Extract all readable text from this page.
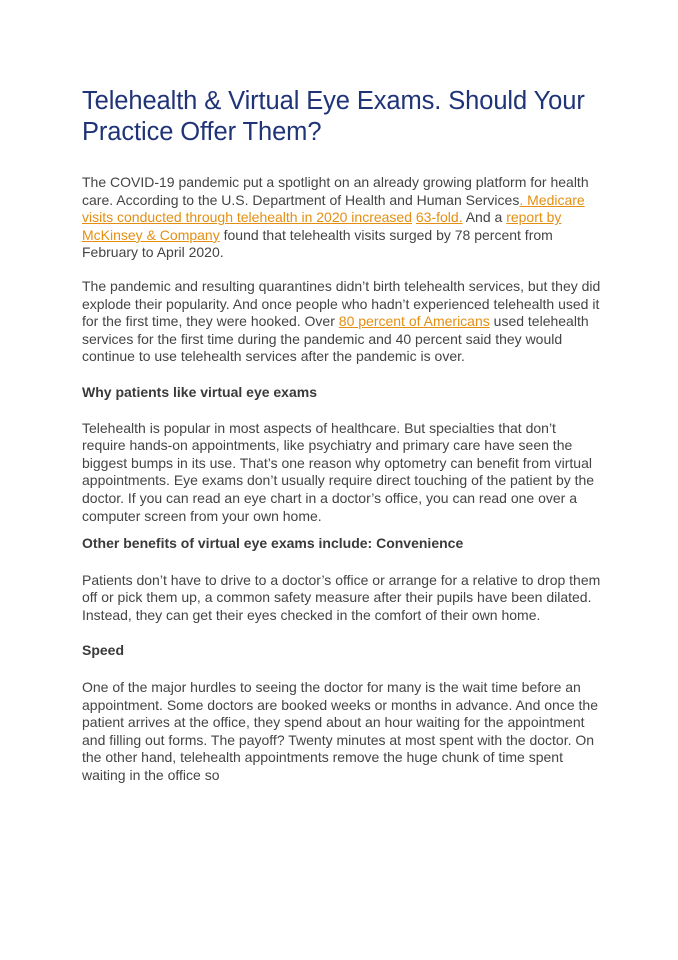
Telehealth & Virtual Eye Exams. Should Your Practice Offer Them?

The COVID-19 pandemic put a spotlight on an already growing platform for health care. According to the U.S. Department of Health and Human Services. Medicare visits conducted through telehealth in 2020 increased 63-fold. And a report by McKinsey & Company found that telehealth visits surged by 78 percent from February to April 2020.

The pandemic and resulting quarantines didn’t birth telehealth services, but they did explode their popularity. And once people who hadn’t experienced telehealth used it for the first time, they were hooked. Over 80 percent of Americans used telehealth services for the first time during the pandemic and 40 percent said they would continue to use telehealth services after the pandemic is over.

Why patients like virtual eye exams

Telehealth is popular in most aspects of healthcare. But specialties that don’t require hands-on appointments, like psychiatry and primary care have seen the biggest bumps in its use. That’s one reason why optometry can benefit from virtual appointments. Eye exams don’t usually require direct touching of the patient by the doctor. If you can read an eye chart in a doctor’s office, you can read one over a computer screen from your own home.

Other benefits of virtual eye exams include: Convenience

Patients don’t have to drive to a doctor’s office or arrange for a relative to drop them off or pick them up, a common safety measure after their pupils have been dilated. Instead, they can get their eyes checked in the comfort of their own home.

Speed

One of the major hurdles to seeing the doctor for many is the wait time before an appointment. Some doctors are booked weeks or months in advance. And once the patient arrives at the office, they spend about an hour waiting for the appointment and filling out forms. The payoff? Twenty minutes at most spent with the doctor. On the other hand, telehealth appointments remove the huge chunk of time spent waiting in the office so
